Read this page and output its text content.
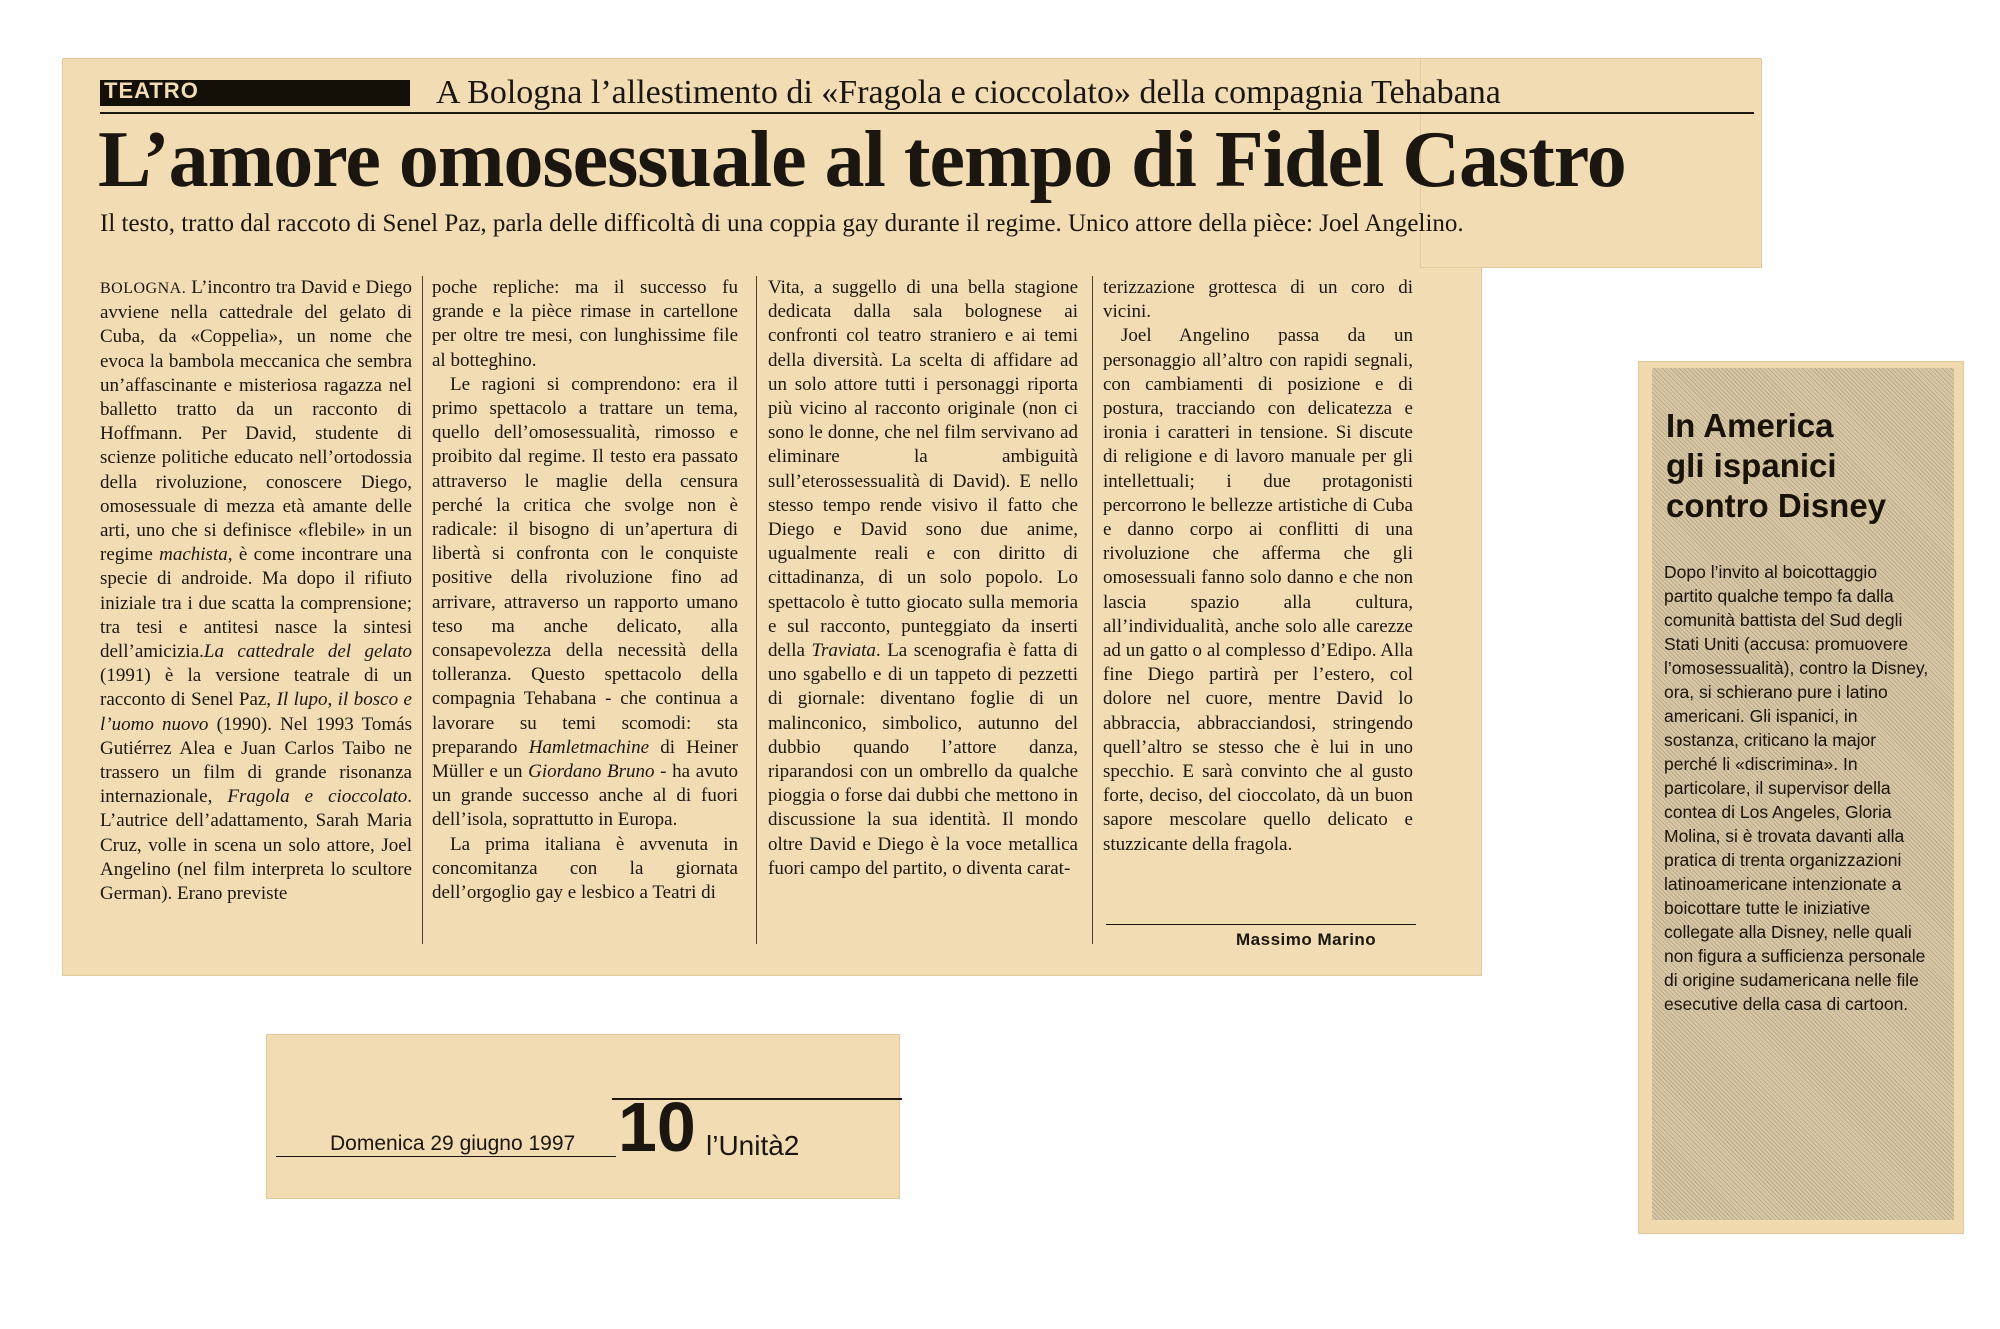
TEATRO	A Bologna l’allestimento di «Fragola e cioccolato» della compagnia Tehabana
L’amore omosessuale al tempo di Fidel Castro
Il testo, tratto dal raccoto di Senel Paz, parla delle difficoltà di una coppia gay durante il regime. Unico attore della pièce: Joel Angelino.

BOLOGNA. L’incontro tra David e Diego avviene nella cattedrale del gelato di Cuba, da «Coppelia», un nome che evoca la bambola meccanica che sembra un’affascinante e misteriosa ragazza nel balletto tratto da un racconto di Hoffmann. Per David, studente di scienze politiche educato nell’ortodossia della rivoluzione, conoscere Diego, omosessuale di mezza età amante delle arti, uno che si definisce «flebile» in un regime machista, è come incontrare una specie di androide. Ma dopo il rifiuto iniziale tra i due scatta la comprensione; tra tesi e antitesi nasce la sintesi dell’amicizia.La cattedrale del gelato (1991) è la versione teatrale di un racconto di Senel Paz, Il lupo, il bosco e l’uomo nuovo (1990). Nel 1993 Tomás Gutiérrez Alea e Juan Carlos Taibo ne trassero un film di grande risonanza internazionale, Fragola e cioccolato. L’autrice dell’adattamento, Sarah Maria Cruz, volle in scena un solo attore, Joel Angelino (nel film interpreta lo scultore German). Erano previste

poche repliche: ma il successo fu grande e la pièce rimase in cartellone per oltre tre mesi, con lunghissime file al botteghino.

Le ragioni si comprendono: era il primo spettacolo a trattare un tema, quello dell’omosessualità, rimosso e proibito dal regime. Il testo era passato attraverso le maglie della censura perché la critica che svolge non è radicale: il bisogno di un’apertura di libertà si confronta con le conquiste positive della rivoluzione fino ad arrivare, attraverso un rapporto umano teso ma anche delicato, alla consapevolezza della necessità della tolleranza. Questo spettacolo della compagnia Tehabana - che continua a lavorare su temi scomodi: sta preparando Hamletmachine di Heiner Müller e un Giordano Bruno - ha avuto un grande successo anche al di fuori dell’isola, soprattutto in Europa.

La prima italiana è avvenuta in concomitanza con la giornata dell’orgoglio gay e lesbico a Teatri di

Vita, a suggello di una bella stagione dedicata dalla sala bolognese ai confronti col teatro straniero e ai temi della diversità. La scelta di affidare ad un solo attore tutti i personaggi riporta più vicino al racconto originale (non ci sono le donne, che nel film servivano ad eliminare la ambiguità sull’eterossessualità di David). E nello stesso tempo rende visivo il fatto che Diego e David sono due anime, ugualmente reali e con diritto di cittadinanza, di un solo popolo. Lo spettacolo è tutto giocato sulla memoria e sul racconto, punteggiato da inserti della Traviata. La scenografia è fatta di uno sgabello e di un tappeto di pezzetti di giornale: diventano foglie di un malinconico, simbolico, autunno del dubbio quando l’attore danza, riparandosi con un ombrello da qualche pioggia o forse dai dubbi che mettono in discussione la sua identità. Il mondo oltre David e Diego è la voce metallica fuori campo del partito, o diventa carat-

terizzazione grottesca di un coro di vicini.

Joel Angelino passa da un personaggio all’altro con rapidi segnali, con cambiamenti di posizione e di postura, tracciando con delicatezza e ironia i caratteri in tensione. Si discute di religione e di lavoro manuale per gli intellettuali; i due protagonisti percorrono le bellezze artistiche di Cuba e danno corpo ai conflitti di una rivoluzione che afferma che gli omosessuali fanno solo danno e che non lascia spazio alla cultura, all’individualità, anche solo alle carezze ad un gatto o al complesso d’Edipo. Alla fine Diego partirà per l’estero, col dolore nel cuore, mentre David lo abbraccia, abbracciandosi, stringendo quell’altro se stesso che è lui in uno specchio. E sarà convinto che al gusto forte, deciso, del cioccolato, dà un buon sapore mescolare quello delicato e stuzzicante della fragola.

Massimo Marino
In America
gli ispanici
contro Disney
Dopo l’invito al boicottaggio partito qualche tempo fa dalla comunità battista del Sud degli Stati Uniti (accusa: promuovere l’omosessualità), contro la Disney, ora, si schierano pure i latino americani. Gli ispanici, in sostanza, criticano la major perché li «discrimina». In particolare, il supervisor della contea di Los Angeles, Gloria Molina, si è trovata davanti alla pratica di trenta organizzazioni latinoamericane intenzionate a boicottare tutte le iniziative collegate alla Disney, nelle quali non figura a sufficienza personale di origine sudamericana nelle file esecutive della casa di cartoon.
Domenica 29 giugno 1997 10 l’Unità2
